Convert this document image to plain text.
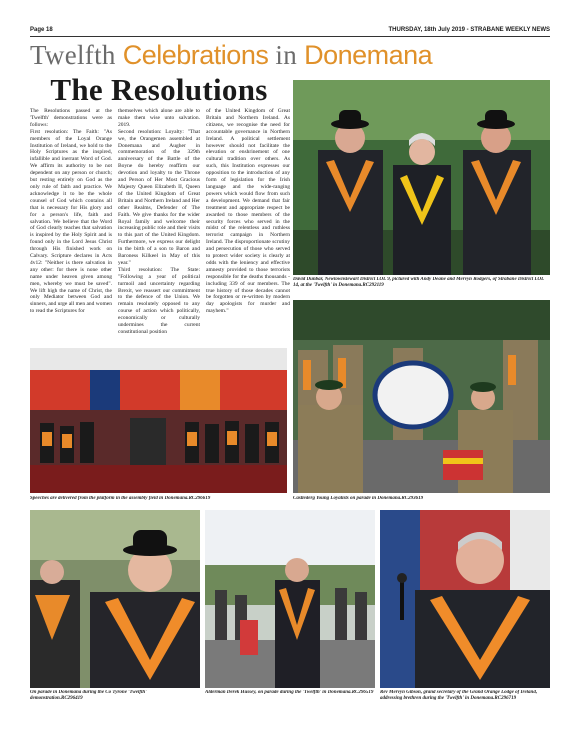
Page 18	THURSDAY, 18th July 2019 - STRABANE WEEKLY NEWS
Twelfth Celebrations in Donemana
The Resolutions
The Resolutions passed at the 'Twelfth' demonstrations were as follows:
First resolution: The Faith: "As members of the Loyal Orange Institution of Ireland, we hold to the Holy Scriptures as the inspired, infallible and inerrant Word of God. We affirm its authority to be not dependent on any person or church; but resting entirely on God as the only rule of faith and practice. We acknowledge it to be the whole counsel of God which contains all that is necessary for His glory and for a person's life, faith and salvation. We believe that the Word of God clearly teaches that salvation is inspired by the Holy Spirit and is found only in the Lord Jesus Christ through His finished work on Calvary. Scripture declares in Acts 4v12: "Neither is there salvation in any other: for there is none other name under heaven given among men, whereby we must be saved". We lift high the name of Christ, the only Mediator between God and sinners, and urge all men and women to read the Scriptures for
themselves which alone are able to make them wise unto salvation. 2019.
Second resolution: Loyalty: "That we, the Orangemen assembled at Donemana and Augher in commemoration of the 329th anniversary of the Battle of the Boyne do hereby reaffirm our devotion and loyalty to the Throne and Person of Her Most Gracious Majesty Queen Elizabeth II, Queen of the United Kingdom of Great Britain and Northern Ireland and Her other Realms, Defender of The Faith. We give thanks for the wider Royal family and welcome their increasing public role and their visits to this part of the United Kingdom. Furthermore, we express our delight in the birth of a son to Baron and Baroness Kilkeel in May of this year."
Third resolution: The State: "Following a year of political turmoil and uncertainty regarding Brexit, we reassert our commitment to the defence of the Union. We remain resolutely opposed to any course of action which politically, economically or culturally undermines the current constitutional position
of the United Kingdom of Great Britain and Northern Ireland. As citizens, we recognise the need for accountable governance in Northern Ireland. A political settlement however should not facilitate the elevation or enshrinement of one cultural tradition over others. As such, this Institution expresses our opposition to the introduction of any form of legislation for the Irish language and the wide-ranging powers which would flow from such a development. We demand that fair treatment and appropriate respect be awarded to those members of the security forces who served in the midst of the relentless and ruthless terrorist campaign in Northern Ireland. The disproportionate scrutiny and persecution of those who served to protect wider society is clearly at odds with the leniency and effective amnesty provided to those terrorists responsible for the deaths thousands - including 339 of our members. The true history of those decades cannot be forgotten or re-written by modern day apologists for murder and mayhem."
David Dunbar, Newtownstewart District LOL 9, pictured with Andy Deane and Mervyn Rodgers, of Strabane District LOL 14, at the 'Twelfth' in Donemana.RC292119
Speeches are delivered from the platform in the assembly field in Donemana.RC296619	Castlederg Young Loyalists on parade in Donemana.RC293619
On parade in Donemana during the Co Tyrone 'Twelfth' demonstration.RC296419
Alderman Derek Hussey, on parade during the 'Twelfth' in Donemana.RC296519	Rev Mervyn Gibson, grand secretary of the Grand Orange Lodge of Ireland, addressing brethren during the 'Twelfth' in Donemana.RC296719
